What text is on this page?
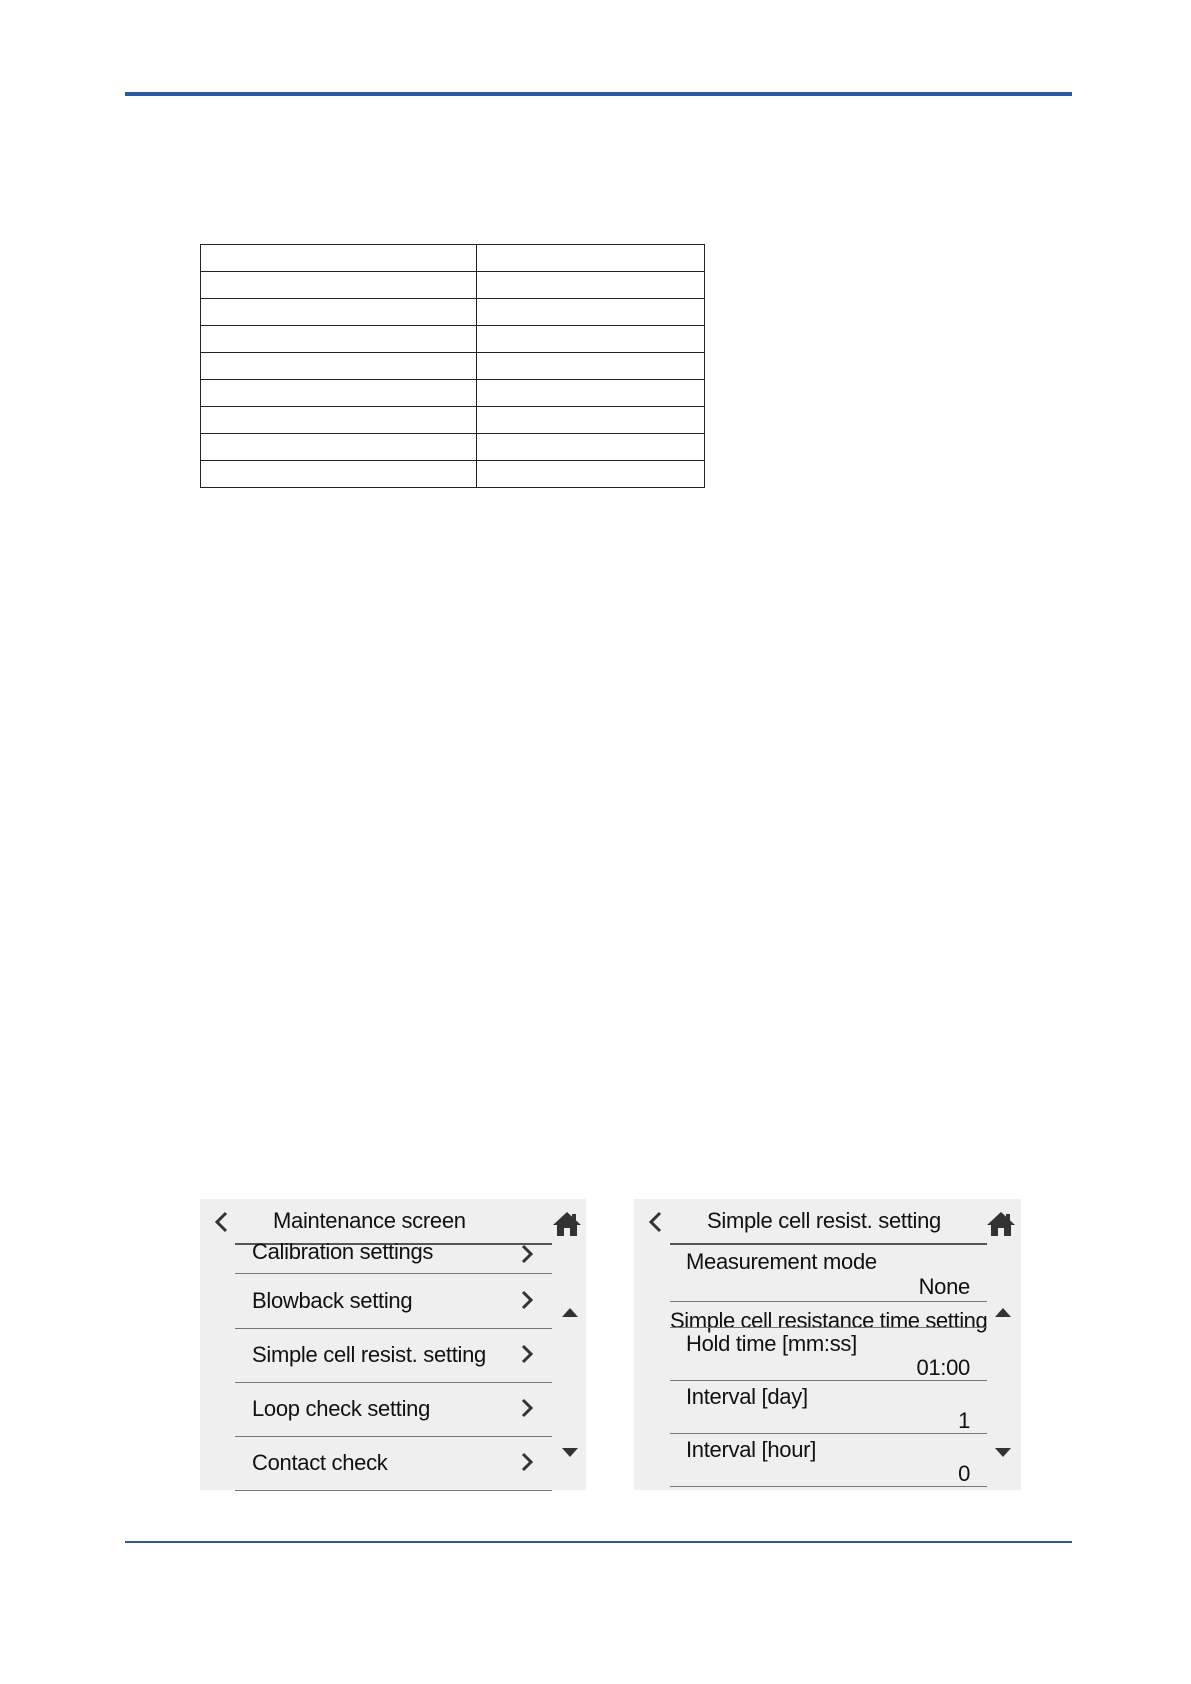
Maintenance screen
Calibration settings
Blowback setting
Simple cell resist. setting
Loop check setting
Contact check
Simple cell resist. setting
Measurement mode
None
Simple cell resistance time setting
Hold time [mm:ss]
01:00
Interval [day]
1
Interval [hour]
0
